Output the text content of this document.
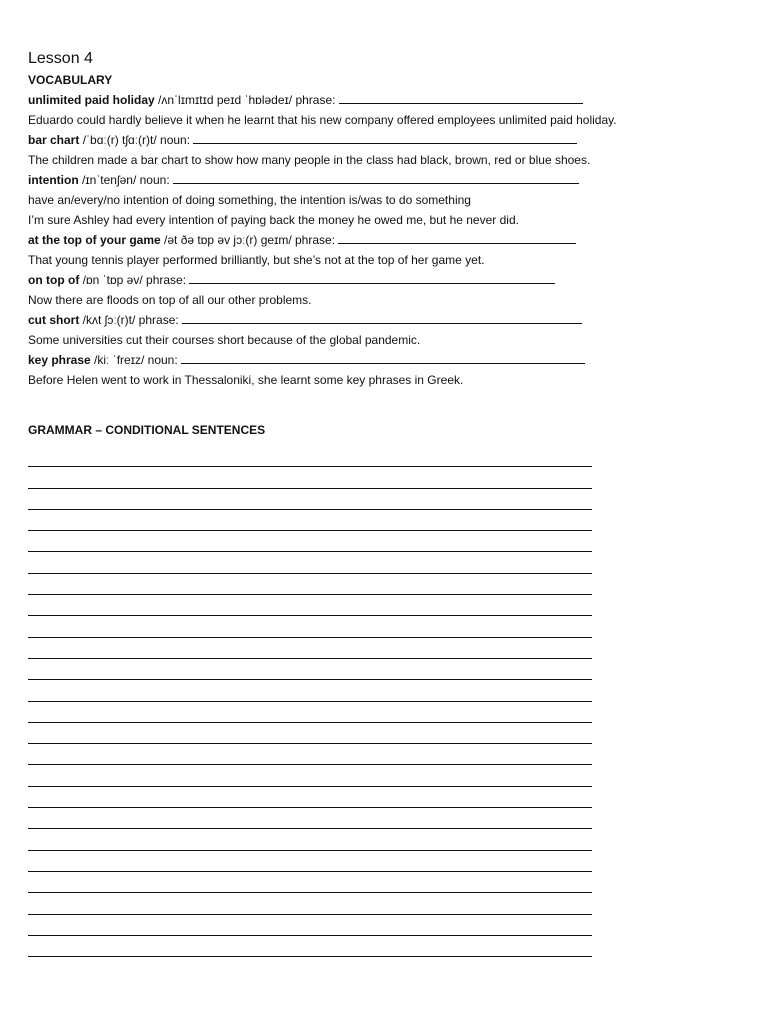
Lesson 4
VOCABULARY
unlimited paid holiday /ʌnˈlɪmɪtɪd peɪd ˈhɒlədeɪ/ phrase:
Eduardo could hardly believe it when he learnt that his new company offered employees unlimited paid holiday.
bar chart /ˈbɑː(r) tʃɑː(r)t/ noun:
The children made a bar chart to show how many people in the class had black, brown, red or blue shoes.
intention /ɪnˈtenʃən/ noun:
have an/every/no intention of doing something, the intention is/was to do something
I’m sure Ashley had every intention of paying back the money he owed me, but he never did.
at the top of your game /ət ðə tɒp əv jɔː(r) geɪm/ phrase:
That young tennis player performed brilliantly, but she’s not at the top of her game yet.
on top of /ɒn ˈtɒp əv/ phrase:
Now there are floods on top of all our other problems.
cut short /kʌt ʃɔː(r)t/ phrase:
Some universities cut their courses short because of the global pandemic.
key phrase /kiː ˈfreɪz/ noun:
Before Helen went to work in Thessaloniki, she learnt some key phrases in Greek.
GRAMMAR – CONDITIONAL SENTENCES
